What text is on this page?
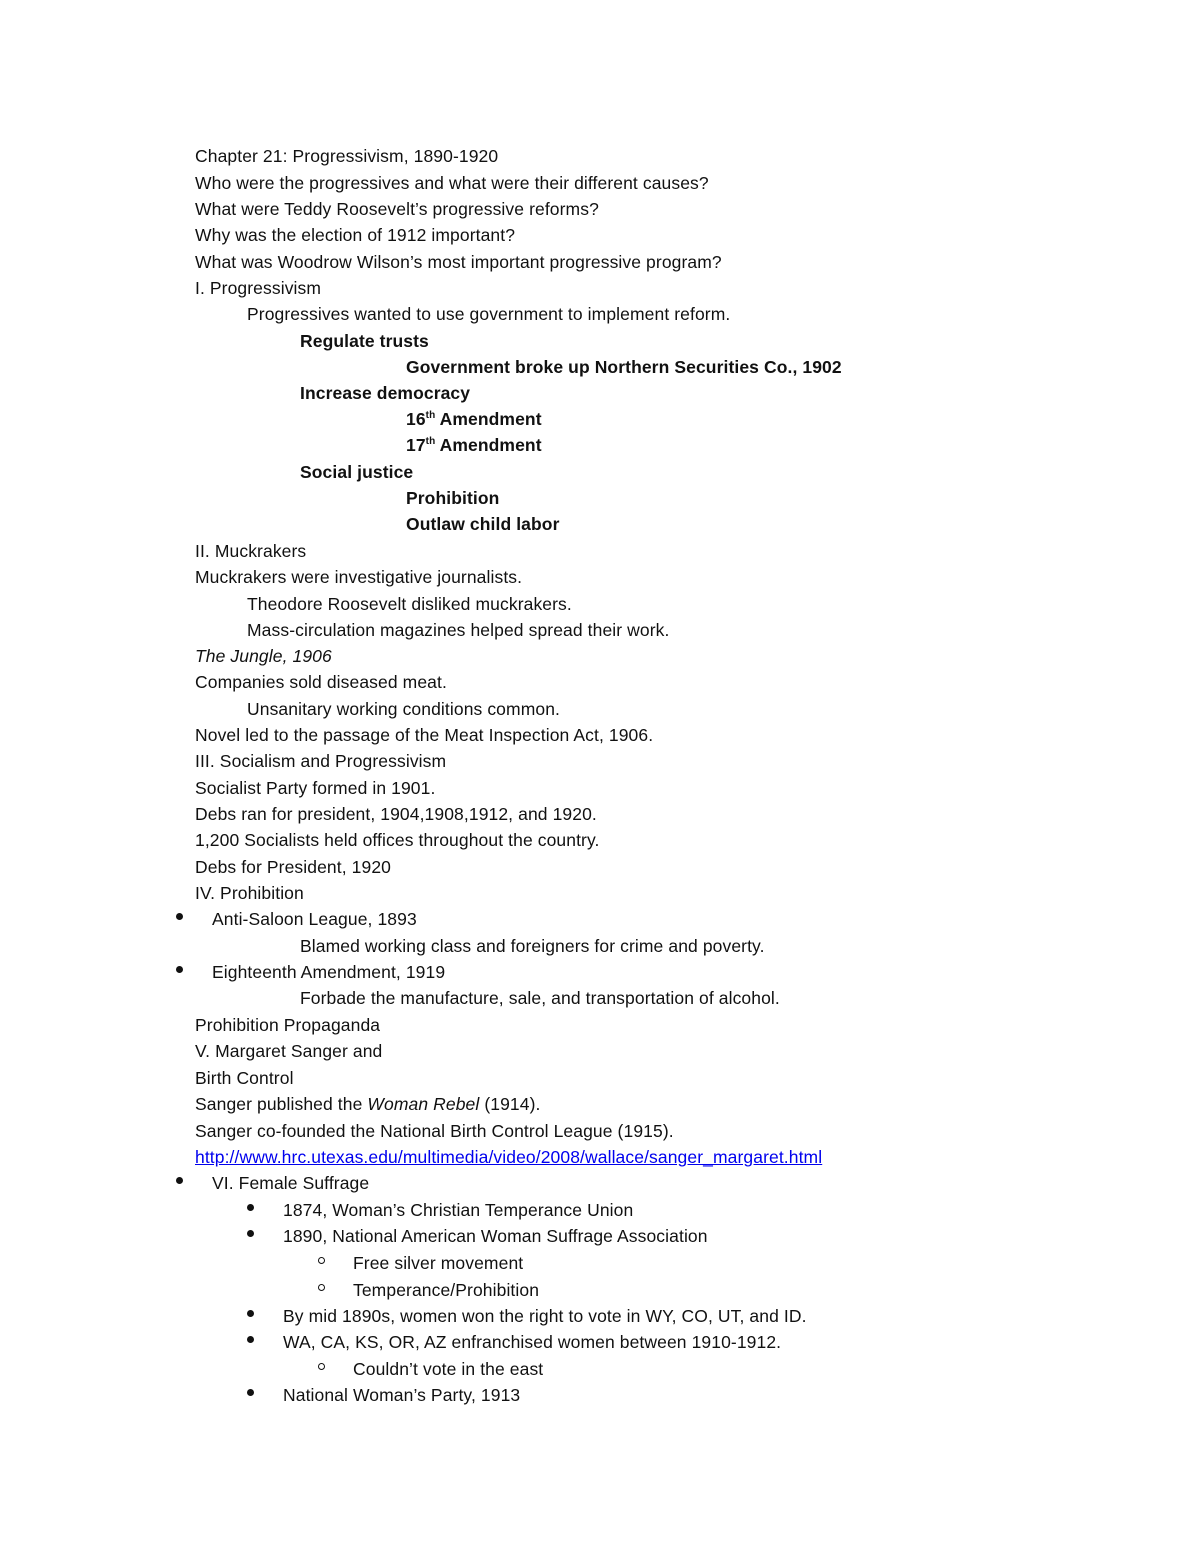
Chapter 21: Progressivism, 1890-1920
Who were the progressives and what were their different causes?
What were Teddy Roosevelt’s progressive reforms?
Why was the election of 1912 important?
What was Woodrow Wilson’s most important progressive program?
I. Progressivism
Progressives wanted to use government to implement reform.
Regulate trusts
Government broke up Northern Securities Co., 1902
Increase democracy
16th Amendment
17th Amendment
Social justice
Prohibition
Outlaw child labor
II. Muckrakers
Muckrakers were investigative journalists.
Theodore Roosevelt disliked muckrakers.
Mass-circulation magazines helped spread their work.
The Jungle, 1906
Companies sold diseased meat.
Unsanitary working conditions common.
Novel led to the passage of the Meat Inspection Act, 1906.
III. Socialism and Progressivism
Socialist Party formed in 1901.
Debs ran for president, 1904,1908,1912, and 1920.
1,200 Socialists held offices throughout the country.
Debs for President, 1920
IV. Prohibition
Anti-Saloon League, 1893
Blamed working class and foreigners for crime and poverty.
Eighteenth Amendment, 1919
Forbade the manufacture, sale, and transportation of alcohol.
Prohibition Propaganda
V. Margaret Sanger and
Birth Control
Sanger published the Woman Rebel (1914).
Sanger co-founded the National Birth Control League (1915).
http://www.hrc.utexas.edu/multimedia/video/2008/wallace/sanger_margaret.html
VI. Female Suffrage
1874, Woman’s Christian Temperance Union
1890, National American Woman Suffrage Association
Free silver movement
Temperance/Prohibition
By mid 1890s, women won the right to vote in WY, CO, UT, and ID.
WA, CA, KS, OR, AZ enfranchised women between 1910-1912.
Couldn’t vote in the east
National Woman’s Party, 1913
